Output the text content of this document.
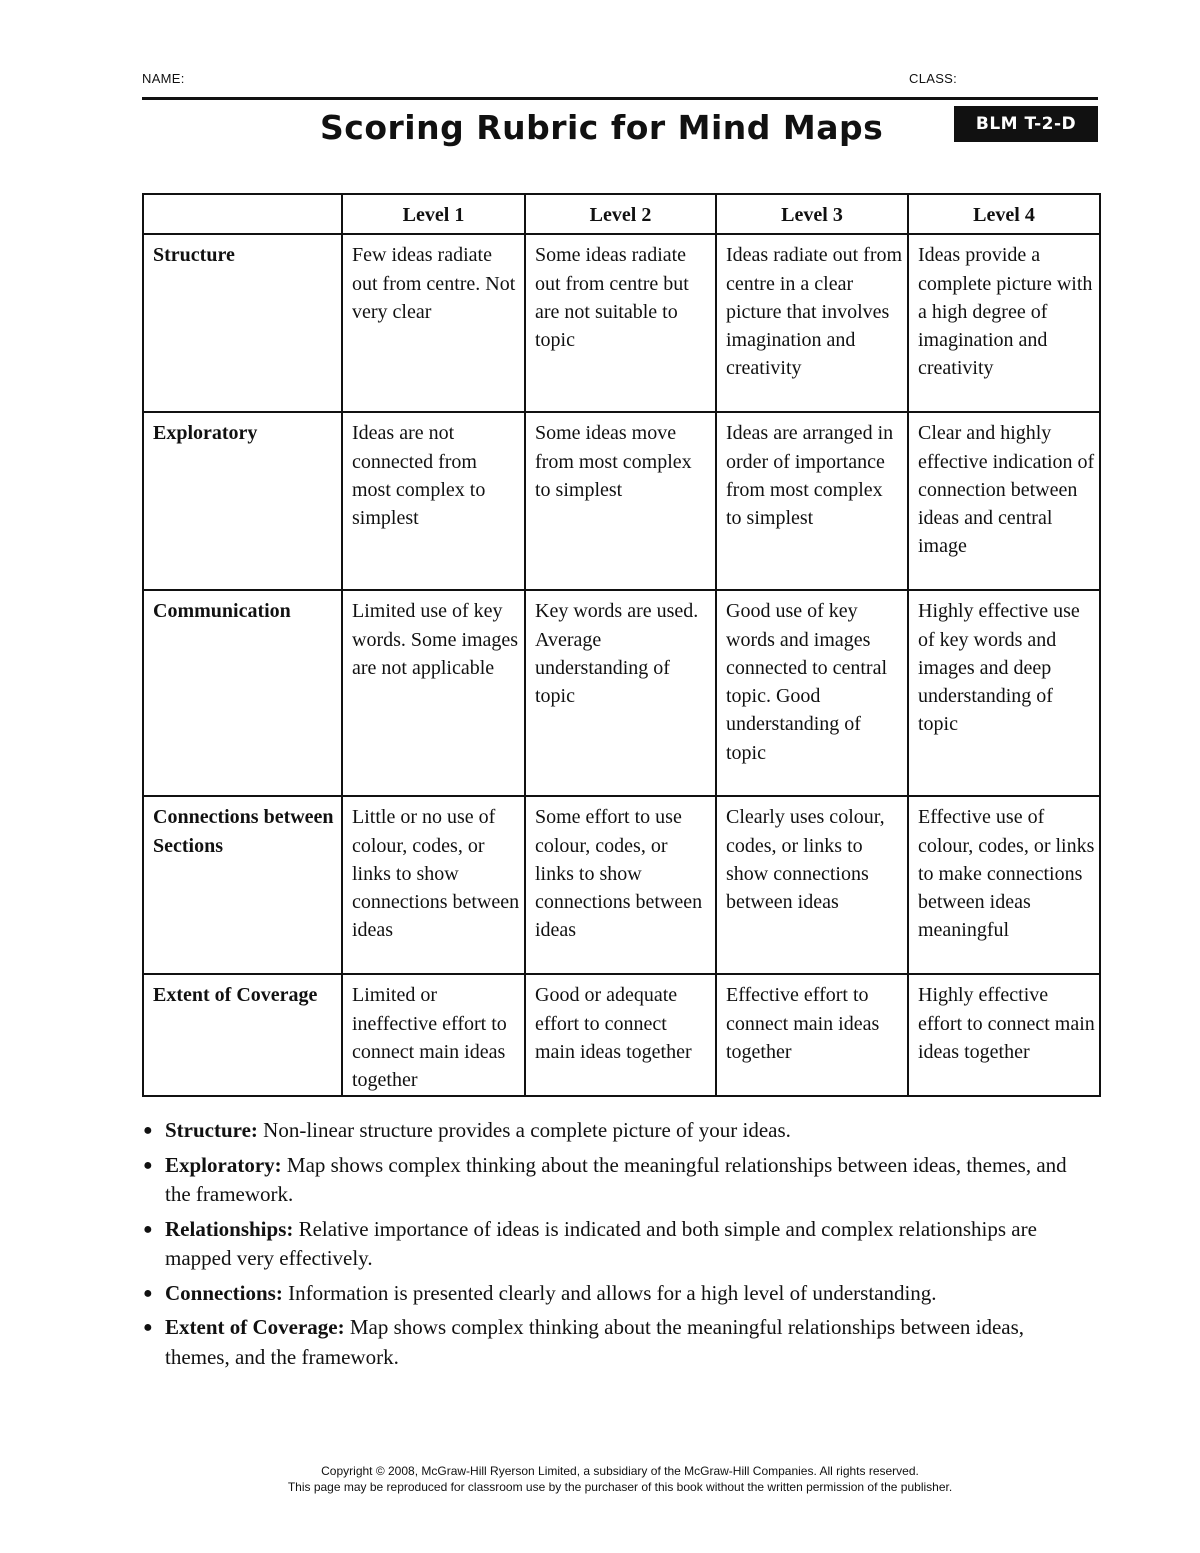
NAME:	CLASS:
Scoring Rubric for Mind Maps	BLM T-2-D
	Level 1	Level 2	Level 3	Level 4
Structure	Few ideas radiate out from centre. Not very clear	Some ideas radiate out from centre but are not suitable to topic	Ideas radiate out from centre in a clear picture that involves imagination and creativity	Ideas provide a complete picture with a high degree of imagination and creativity
Exploratory	Ideas are not connected from most complex to simplest	Some ideas move from most complex to simplest	Ideas are arranged in order of importance from most complex to simplest	Clear and highly effective indication of connection between ideas and central image
Communication	Limited use of key words. Some images are not applicable	Key words are used. Average understanding of topic	Good use of key words and images connected to central topic. Good understanding of topic	Highly effective use of key words and images and deep understanding of topic
Connections between Sections	Little or no use of colour, codes, or links to show connections between ideas	Some effort to use colour, codes, or links to show connections between ideas	Clearly uses colour, codes, or links to show connections between ideas	Effective use of colour, codes, or links to make connections between ideas meaningful
Extent of Coverage	Limited or ineffective effort to connect main ideas together	Good or adequate effort to connect main ideas together	Effective effort to connect main ideas together	Highly effective effort to connect main ideas together
● Structure: Non-linear structure provides a complete picture of your ideas.
● Exploratory: Map shows complex thinking about the meaningful relationships between ideas, themes, and the framework.
● Relationships: Relative importance of ideas is indicated and both simple and complex relationships are mapped very effectively.
● Connections: Information is presented clearly and allows for a high level of understanding.
● Extent of Coverage: Map shows complex thinking about the meaningful relationships between ideas, themes, and the framework.
Copyright © 2008, McGraw-Hill Ryerson Limited, a subsidiary of the McGraw-Hill Companies. All rights reserved.
This page may be reproduced for classroom use by the purchaser of this book without the written permission of the publisher.
